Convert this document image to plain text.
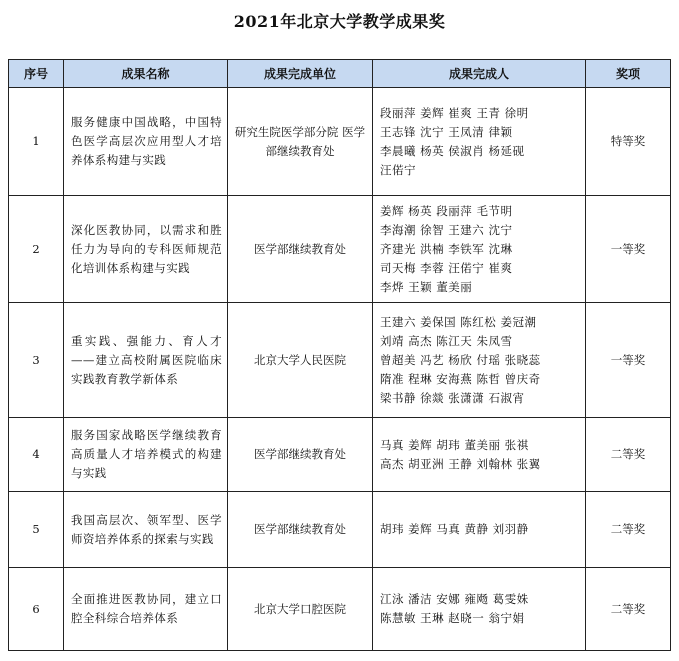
2021年北京大学教学成果奖
序号	成果名称	成果完成单位	成果完成人	奖项
1	服务健康中国战略，中国特色医学高层次应用型人才培养体系构建与实践	研究生院医学部分院 医学部继续教育处	段丽萍 姜辉 崔爽 王青 徐明
王志锋 沈宁 王凤清 律颖
李晨曦 杨英 侯淑肖 杨延砚
汪偌宁	特等奖
2	深化医教协同，以需求和胜任力为导向的专科医师规范化培训体系构建与实践	医学部继续教育处	姜辉 杨英 段丽萍 毛节明
李海潮 徐智 王建六 沈宁
齐建光 洪楠 李铁军 沈琳
司天梅 李蓉 汪偌宁 崔爽
李烨 王颖 董美丽	一等奖
3	重实践、强能力、育人才——建立高校附属医院临床实践教育教学新体系	北京大学人民医院	王建六 姜保国 陈红松 姜冠潮
刘靖 高杰 陈江天 朱凤雪
曾超美 冯艺 杨欣 付瑶 张晓蕊
隋准 程琳 安海燕 陈哲 曾庆奇
梁书静 徐燚 张潇潇 石淑宵	一等奖
4	服务国家战略医学继续教育高质量人才培养模式的构建与实践	医学部继续教育处	马真 姜辉 胡玮 董美丽 张祺
高杰 胡亚洲 王静 刘翰林 张翼	二等奖
5	我国高层次、领军型、医学师资培养体系的探索与实践	医学部继续教育处	胡玮 姜辉 马真 黄静 刘羽静	二等奖
6	全面推进医教协同，建立口腔全科综合培养体系	北京大学口腔医院	江泳 潘洁 安娜 雍飏 葛雯姝
陈慧敏 王琳 赵晓一 翁宁娟	二等奖
